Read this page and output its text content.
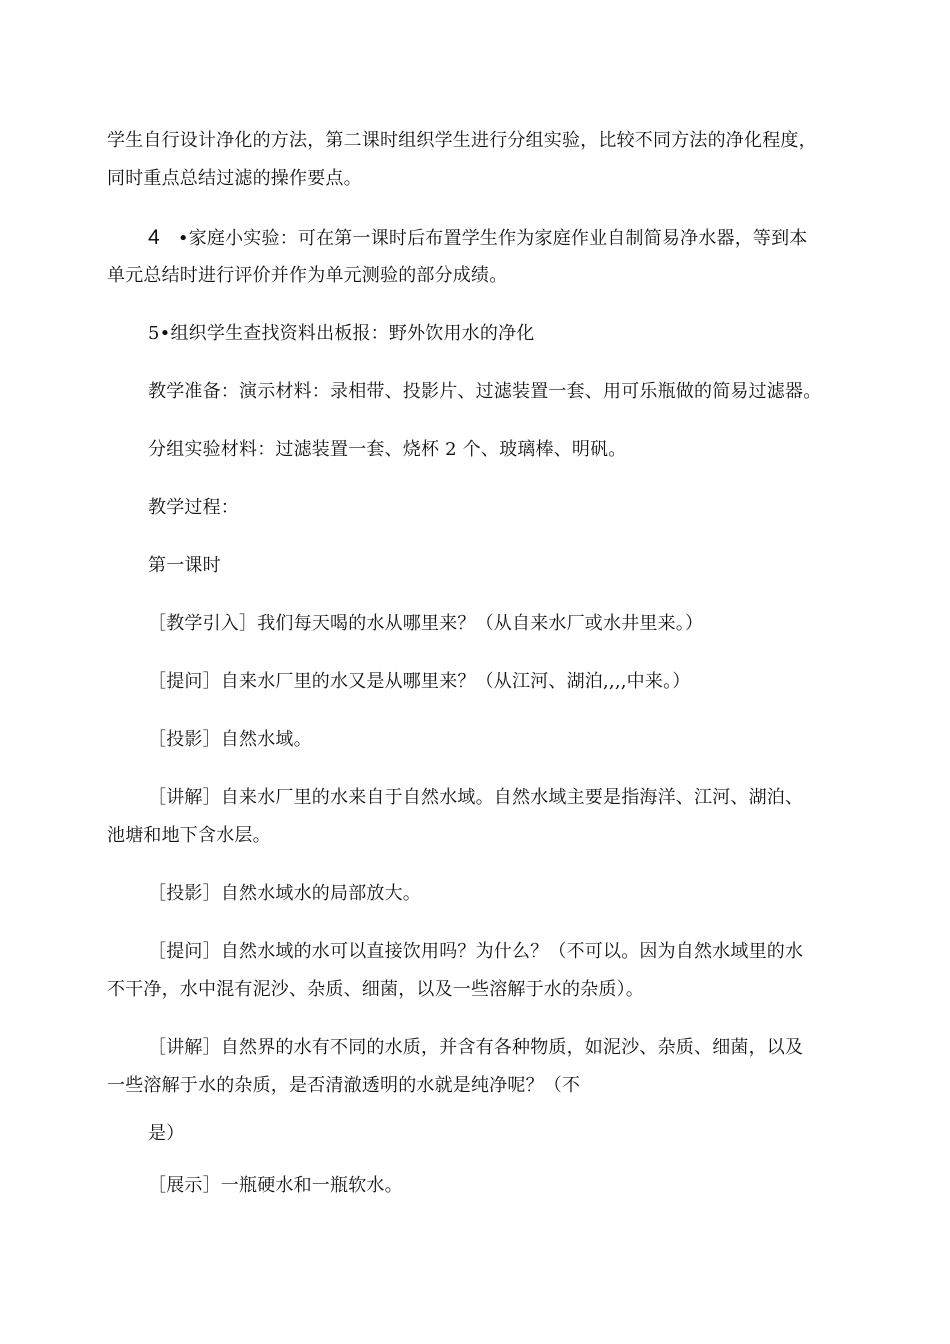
学生自行设计净化的方法，第二课时组织学生进行分组实验，比较不同方法的净化程度，
同时重点总结过滤的操作要点。
4 •家庭小实验：可在第一课时后布置学生作为家庭作业自制简易净水器，等到本
单元总结时进行评价并作为单元测验的部分成绩。
5•组织学生查找资料出板报：野外饮用水的净化
教学准备：演示材料：录相带、投影片、过滤装置一套、用可乐瓶做的简易过滤器。
分组实验材料：过滤装置一套、烧杯 2 个、玻璃棒、明矾。
教学过程：
第一课时
［教学引入］我们每天喝的水从哪里来？（从自来水厂或水井里来。）
［提问］自来水厂里的水又是从哪里来？（从江河、湖泊,,,,中来。）
［投影］自然水域。
［讲解］自来水厂里的水来自于自然水域。自然水域主要是指海洋、江河、湖泊、
池塘和地下含水层。
［投影］自然水域水的局部放大。
［提问］自然水域的水可以直接饮用吗？为什么？（不可以。因为自然水域里的水
不干净，水中混有泥沙、杂质、细菌，以及一些溶解于水的杂质）。
［讲解］自然界的水有不同的水质，并含有各种物质，如泥沙、杂质、细菌，以及
一些溶解于水的杂质，是否清澈透明的水就是纯净呢？（不
是）
［展示］一瓶硬水和一瓶软水。
